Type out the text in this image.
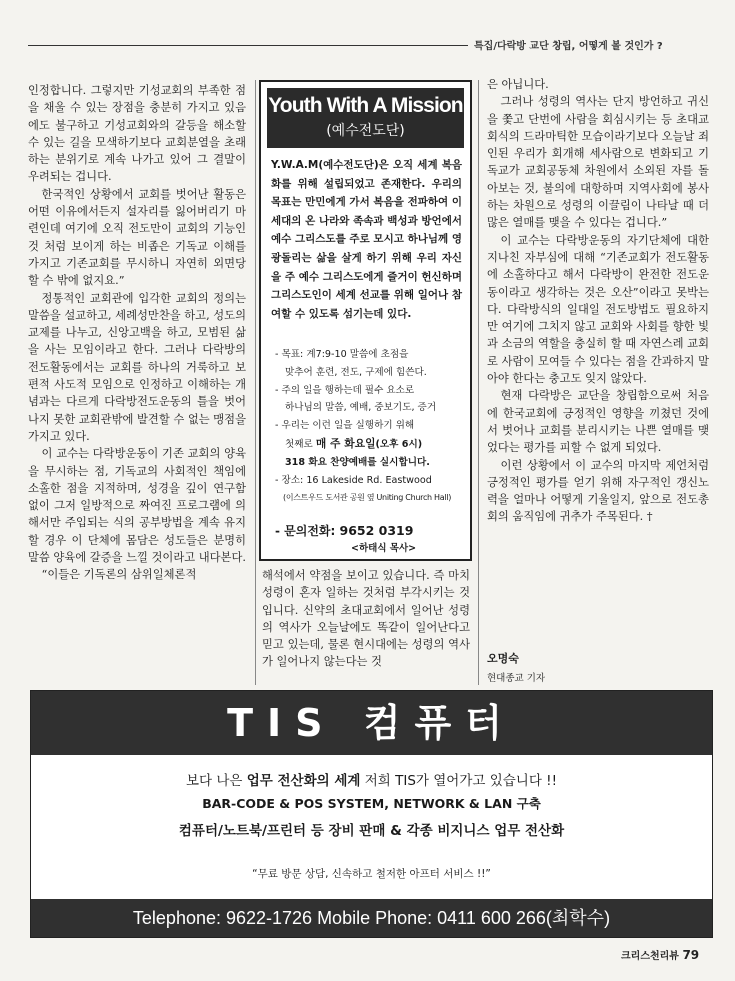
특집/다락방 교단 창립, 어떻게 볼 것인가 ?

인정합니다. 그렇지만 기성교회의 부족한 점을 채울 수 있는 장점을 충분히 가지고 있음에도 불구하고 기성교회와의 갈등을 해소할 수 있는 길을 모색하기보다 교회분열을 초래하는 분위기로 계속 나가고 있어 그 결말이 우려되는 겁니다.

한국적인 상황에서 교회를 벗어난 활동은 어떤 이유에서든지 설자리를 잃어버리기 마련인데 여기에 오직 전도만이 교회의 기능인 것 처럼 보이게 하는 비좁은 기독교 이해를 가지고 기존교회를 무시하니 자연히 외면당할 수 밖에 없지요.”

정통적인 교회관에 입각한 교회의 정의는 말씀을 설교하고, 세례성만찬을 하고, 성도의 교제를 나누고, 신앙고백을 하고, 모범된 삶을 사는 모임이라고 한다. 그러나 다락방의 전도활동에서는 교회를 하나의 거룩하고 보편적 사도적 모임으로 인정하고 이해하는 개념과는 다르게 다락방전도운동의 틀을 벗어나지 못한 교회관밖에 발견할 수 없는 맹점을 가지고 있다.

이 교수는 다락방운동이 기존 교회의 양육을 무시하는 점, 기독교의 사회적인 책임에 소홀한 점을 지적하며, 성경을 깊이 연구함 없이 그저 일방적으로 짜여진 프로그램에 의해서만 주입되는 식의 공부방법을 계속 유지할 경우 이 단체에 몸담은 성도들은 분명히 말씀 양육에 갈증을 느낄 것이라고 내다본다.

“이들은 기독론의 삼위일체론적

Youth With A Mission
(예수전도단)
Y.W.A.M(예수전도단)은 오직 세계 복음화를 위해 설립되었고 존재한다. 우리의 목표는 만민에게 가서 복음을 전파하여 이 세대의 온 나라와 족속과 백성과 방언에서 예수 그리스도를 주로 모시고 하나님께 영광돌리는 삶을 살게 하기 위해 우리 자신을 주 예수 그리스도에게 즐거이 헌신하며 그리스도인이 세계 선교를 위해 일어나 참여할 수 있도록 섬기는데 있다.
- 목표: 계7:9-10 말씀에 초점을
맞추어 훈련, 전도, 구제에 힘쓴다.
- 주의 일을 행하는데 필수 요소로
하나님의 말씀, 예배, 중보기도, 증거
- 우리는 이런 일을 실행하기 위해
첫째로 매 주 화요일(오후 6시)
318 화요 찬양예배를 실시합니다.
- 장소: 16 Lakeside Rd. Eastwood
(이스트우드 도서관 공원 옆 Uniting Church Hall)
- 문의전화: 9652 0319
<하태식 목사>

해석에서 약점을 보이고 있습니다. 즉 마치 성령이 혼자 일하는 것처럼 부각시키는 것입니다. 신약의 초대교회에서 일어난 성령의 역사가 오늘날에도 똑같이 일어난다고 믿고 있는데, 물론 현시대에는 성령의 역사가 일어나지 않는다는 것

은 아닙니다.

그러나 성령의 역사는 단지 방언하고 귀신을 쫓고 단번에 사람을 회심시키는 등 초대교회식의 드라마틱한 모습이라기보다 오늘날 죄인된 우리가 회개해 세사람으로 변화되고 기독교가 교회공동체 차원에서 소외된 자를 돌아보는 것, 불의에 대항하며 지역사회에 봉사하는 차원으로 성령의 이끌림이 나타날 때 더 많은 열매를 맺을 수 있다는 겁니다.”

이 교수는 다락방운동의 자기단체에 대한 지나친 자부심에 대해 “기존교회가 전도활동에 소홀하다고 해서 다락방이 완전한 전도운동이라고 생각하는 것은 오산”이라고 못박는다. 다락방식의 일대일 전도방법도 필요하지만 여기에 그치지 않고 교회와 사회를 향한 빛과 소금의 역할을 충실히 할 때 자연스레 교회로 사람이 모여들 수 있다는 점을 간과하지 말아야 한다는 충고도 잊지 않았다.

현재 다락방은 교단을 창립함으로써 처음에 한국교회에 긍정적인 영향을 끼쳤던 것에서 벗어나 교회를 분리시키는 나쁜 열매를 맺었다는 평가를 피할 수 없게 되었다.

이런 상황에서 이 교수의 마지막 제언처럼 긍정적인 평가를 얻기 위해 자구적인 갱신노력을 얼마나 어떻게 기울일지, 앞으로 전도총회의 움직임에 귀추가 주목된다. †

오명숙
현대종교 기자
TIS 컴퓨터
보다 나은 업무 전산화의 세계 저희 TIS가 열어가고 있습니다 !!
BAR-CODE & POS SYSTEM, NETWORK & LAN 구축
컴퓨터/노트북/프린터 등 장비 판매 & 각종 비지니스 업무 전산화
“무료 방문 상담, 신속하고 철저한 아프터 서비스 !!”
Telephone: 9622-1726 Mobile Phone: 0411 600 266(최학수)
크리스천리뷰 79
